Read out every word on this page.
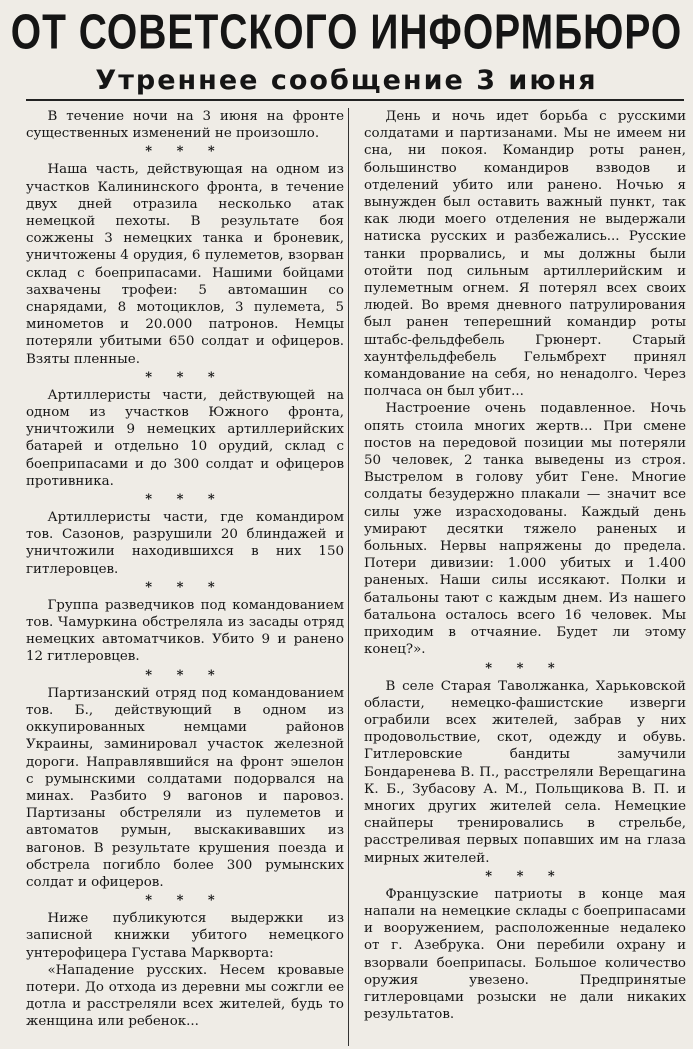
ОТ СОВЕТСКОГО ИНФОРМБЮРО
Утреннее сообщение 3 июня

В течение ночи на 3 июня на фронте существенных изменений не произошло.

* * *

Наша часть, действующая на одном из участков Калининского фронта, в течение двух дней отразила несколько атак немецкой пехоты. В результате боя сожжены 3 немецких танка и броневик, уничтожены 4 орудия, 6 пулеметов, взорван склад с боеприпасами. Нашими бойцами захвачены трофеи: 5 автомашин со снарядами, 8 мотоциклов, 3 пулемета, 5 минометов и 20.000 патронов. Немцы потеряли убитыми 650 солдат и офицеров. Взяты пленные.

* * *

Артиллеристы части, действующей на одном из участков Южного фронта, уничтожили 9 немецких артиллерийских батарей и отдельно 10 орудий, склад с боеприпасами и до 300 солдат и офицеров противника.

* * *

Артиллеристы части, где командиром тов. Сазонов, разрушили 20 блиндажей и уничтожили находившихся в них 150 гитлеровцев.

* * *

Группа разведчиков под командованием тов. Чамуркина обстреляла из засады отряд немецких автоматчиков. Убито 9 и ранено 12 гитлеровцев.

* * *

Партизанский отряд под командованием тов. Б., действующий в одном из оккупированных немцами районов Украины, заминировал участок железной дороги. Направлявшийся на фронт эшелон с румынскими солдатами подорвался на минах. Разбито 9 вагонов и паровоз. Партизаны обстреляли из пулеметов и автоматов румын, выскакивавших из вагонов. В результате крушения поезда и обстрела погибло более 300 румынских солдат и офицеров.

* * *

Ниже публикуются выдержки из записной книжки убитого немецкого унтерофицера Густава Маркворта:

«Нападение русских. Несем кровавые потери. До отхода из деревни мы сожгли ее дотла и расстреляли всех жителей, будь то женщина или ребенок...

День и ночь идет борьба с русскими солдатами и партизанами. Мы не имеем ни сна, ни покоя. Командир роты ранен, большинство командиров взводов и отделений убито или ранено. Ночью я вынужден был оставить важный пункт, так как люди моего отделения не выдержали натиска русских и разбежались... Русские танки прорвались, и мы должны были отойти под сильным артиллерийским и пулеметным огнем. Я потерял всех своих людей. Во время дневного патрулирования был ранен теперешний командир роты штабс-фельдфебель Грюнерт. Старый хаунтфельдфебель Гельмбрехт принял командование на себя, но ненадолго. Через полчаса он был убит...

Настроение очень подавленное. Ночь опять стоила многих жертв... При смене постов на передовой позиции мы потеряли 50 человек, 2 танка выведены из строя. Выстрелом в голову убит Гене. Многие солдаты безудержно плакали — значит все силы уже израсходованы. Каждый день умирают десятки тяжело раненых и больных. Нервы напряжены до предела. Потери дивизии: 1.000 убитых и 1.400 раненых. Наши силы иссякают. Полки и батальоны тают с каждым днем. Из нашего батальона осталось всего 16 человек. Мы приходим в отчаяние. Будет ли этому конец?».

* * *

В селе Старая Таволжанка, Харьковской области, немецко-фашистские изверги ограбили всех жителей, забрав у них продовольствие, скот, одежду и обувь. Гитлеровские бандиты замучили Бондаренева В. П., расстреляли Верещагина К. Б., Зубасову А. М., Польщикова В. П. и многих других жителей села. Немецкие снайперы тренировались в стрельбе, расстреливая первых попавших им на глаза мирных жителей.

* * *

Французские патриоты в конце мая напали на немецкие склады с боеприпасами и вооружением, расположенные недалеко от г. Азебрука. Они перебили охрану и взорвали боеприпасы. Большое количество оружия увезено. Предпринятые гитлеровцами розыски не дали никаких результатов.
